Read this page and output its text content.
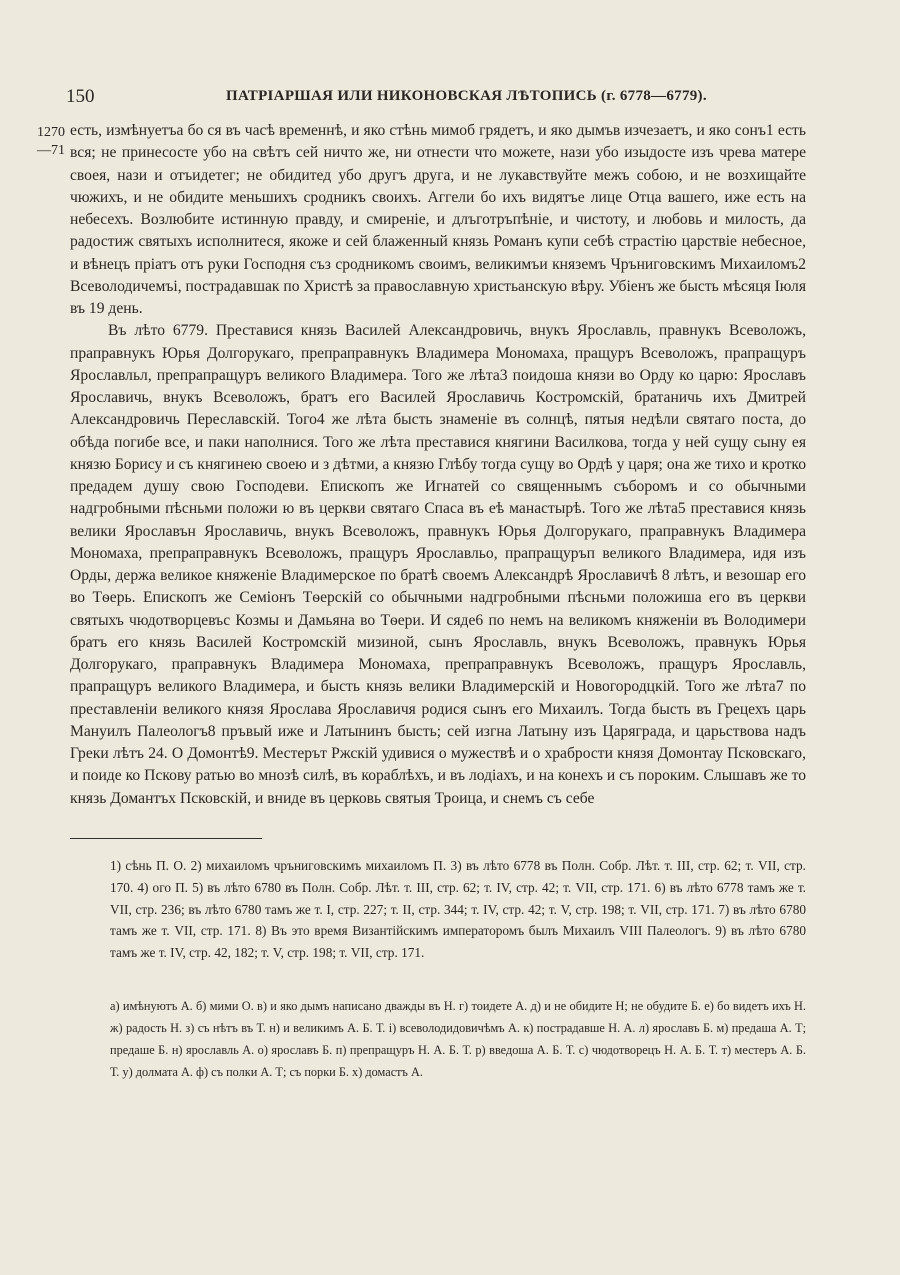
150	ПАТРІАРШАЯ ИЛИ НИКОНОВСКАЯ ЛѢТОПИСЬ (г. 6778—6779).
1270
—71

есть, измѣнуетъа бо ся въ часѣ временнѣ, и яко стѣнь мимоб грядетъ, и яко дымъв изчезаетъ, и яко сонъ1 есть вся; не принесосте убо на свѣтъ сей ничто же, ни отнести что можете, нази убо изыдосте изъ чрева матере своея, нази и отъидетег; не обидитед убо другъ друга, и не лукавствуйте межъ собою, и не возхищайте чюжихъ, и не обидите меньшихъ сродникъ своихъ. Аггели бо ихъ видятъе лице Отца вашего, иже есть на небесехъ. Возлюбите истинную правду, и смиреніе, и длъготръпѣніе, и чистоту, и любовь и милость, да радостиж святыхъ исполнитеся, якоже и сей блаженный князь Романъ купи себѣ страстію царствіе небесное, и вѣнецъ пріатъ отъ руки Господня съз сродникомъ своимъ, великимъи княземъ Чрънигoвскимъ Михаиломъ2 Всеволодичемъі, пострадавшак по Христѣ за православную христьанскую вѣру. Убіенъ же бысть мѣсяця Іюля въ 19 день.

Въ лѣто 6779. Преставися князь Василей Александровичь, внукъ Ярославль, правнукъ Всеволожъ, праправнукъ Юрья Долгорукаго, препраправнукъ Владимера Мономаха, пращуръ Всеволожъ, прапращуръ Ярославльл, препрапращуръ великого Владимера. Того же лѣта3 поидоша князи во Орду ко царю: Ярославъ Ярославичь, внукъ Всеволожъ, братъ его Василей Ярославичь Костромскій, братаничь ихъ Дмитрей Александровичь Переславскій. Того4 же лѣта бысть знаменіе въ солнцѣ, пятыя недѣли святаго поста, до обѣда погибе все, и паки наполнися. Того же лѣта преставися княгини Василкова, тогда у ней сущу сыну ея князю Борису и съ княгинею своею и з дѣтми, а князю Глѣбу тогда сущу во Ордѣ у царя; она же тихо и кротко предадем душу свою Господеви. Епископъ же Игнатей со священнымъ съборомъ и со обычными надгробными пѣсньми положи ю въ церкви святаго Спаса въ еѣ манастырѣ. Того же лѣта5 преставися князь велики Ярославън Ярославичь, внукъ Всеволожъ, правнукъ Юрья Долгорукаго, праправнукъ Владимера Мономаха, препраправнукъ Всеволожъ, пращуръ Ярославльо, прапращуръп великого Владимера, идя изъ Орды, держа великое княженіе Владимерское по братѣ своемъ Александрѣ Ярославичѣ 8 лѣтъ, и везошар его во Тѳерь. Епископъ же Семіонъ Тѳерскій со обычными надгробными пѣсньми положиша его въ церкви святыхъ чюдотворцевъс Козмы и Дамьяна во Тѳери. И сяде6 по немъ на великомъ княженіи въ Володимери братъ его князь Василей Костромскій мизиной, сынъ Ярославль, внукъ Всеволожъ, правнукъ Юрья Долгорукаго, праправнукъ Владимера Мономаха, препраправнукъ Всеволожъ, пращуръ Ярославль, прапращуръ великого Владимера, и бысть князь велики Владимерскій и Новогородцкій. Того же лѣта7 по преставленіи великого князя Ярослава Ярославичя родися сынъ его Михаилъ. Тогда бысть въ Грецехъ царь Мануилъ Палеологъ8 пръвый иже и Латынинъ бысть; сей изгна Латыну изъ Царяграда, и царьствова надъ Греки лѣтъ 24. О Домонтѣ9. Местерът Ржскій удивися о мужествѣ и о храбрости князя Домонтау Псковскаго, и поиде ко Пскову ратью во мнозѣ силѣ, въ кораблѣхъ, и въ лодіахъ, и на конехъ и съ пороким. Слышавъ же то князь Домантъх Псковскій, и вниде въ церковь святыя Троица, и снемъ съ себе

1) сѣнь П. О. 2) михаиломъ чрънигoвскимъ михаиломъ П. 3) въ лѣто 6778 въ Полн. Собр. Лѣт. т. III, стр. 62; т. VII, стр. 170. 4) ого П. 5) въ лѣто 6780 въ Полн. Собр. Лѣт. т. III, стр. 62; т. IV, стр. 42; т. VII, стр. 171. 6) въ лѣто 6778 тамъ же т. VII, стр. 236; въ лѣто 6780 тамъ же т. I, стр. 227; т. II, стр. 344; т. IV, стр. 42; т. V, стр. 198; т. VII, стр. 171. 7) въ лѣто 6780 тамъ же т. VII, стр. 171. 8) Въ это время Византійскимъ императоромъ былъ Михаилъ VIII Палеологъ. 9) въ лѣто 6780 тамъ же т. IV, стр. 42, 182; т. V, стр. 198; т. VII, стр. 171.
а) имѣнуютъ А. б) мими О. в) и яко дымъ написано дважды въ Н. г) тоидете А. д) и не обидите Н; не обудите Б. е) бо видетъ ихъ Н. ж) радость Н. з) съ нѣтъ въ Т. н) и великимъ А. Б. Т. і) всеволодидовичѣмъ А. к) пострадавше Н. А. л) ярославъ Б. м) предаша А. Т; предаше Б. н) ярославль А. о) ярославъ Б. п) препращуръ Н. А. Б. Т. р) введоша А. Б. Т. с) чюдотворецъ Н. А. Б. Т. т) местеръ А. Б. Т. у) долмата А. ф) съ полки А. Т; съ порки Б. х) домастъ А.
